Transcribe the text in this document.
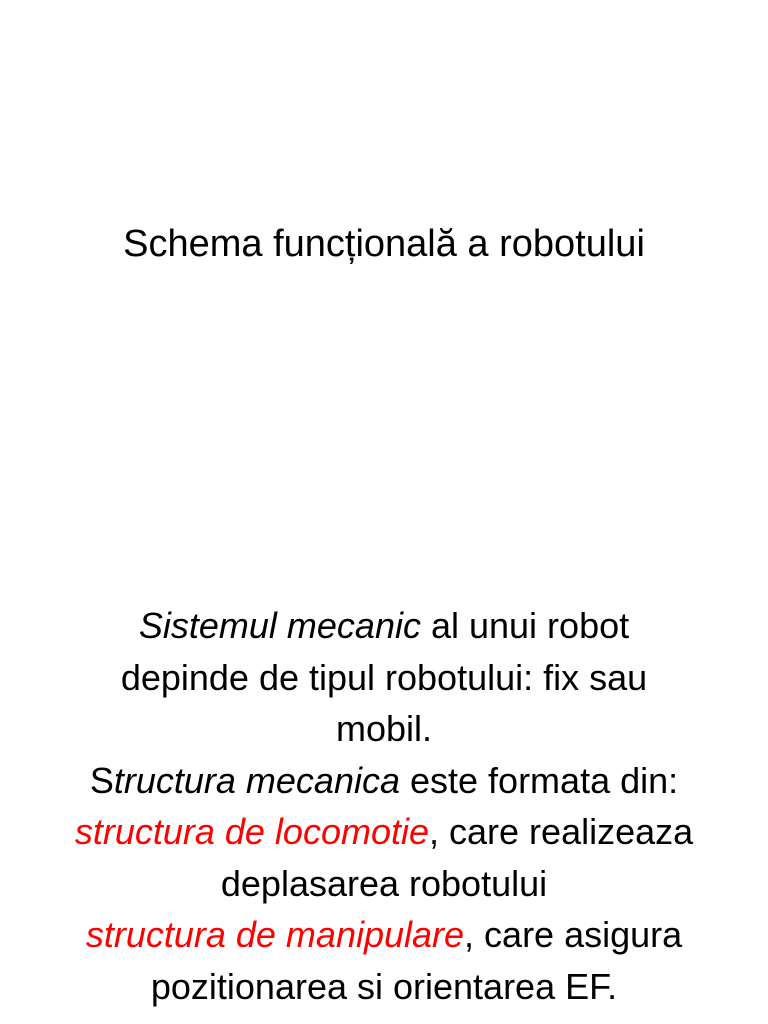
Schema funcțională a robotului
Sistemul mecanic al unui robot
depinde de tipul robotului: fix sau
mobil.
Structura mecanica este formata din:
structura de locomotie, care realizeaza
deplasarea robotului
structura de manipulare, care asigura
pozitionarea si orientarea EF.
